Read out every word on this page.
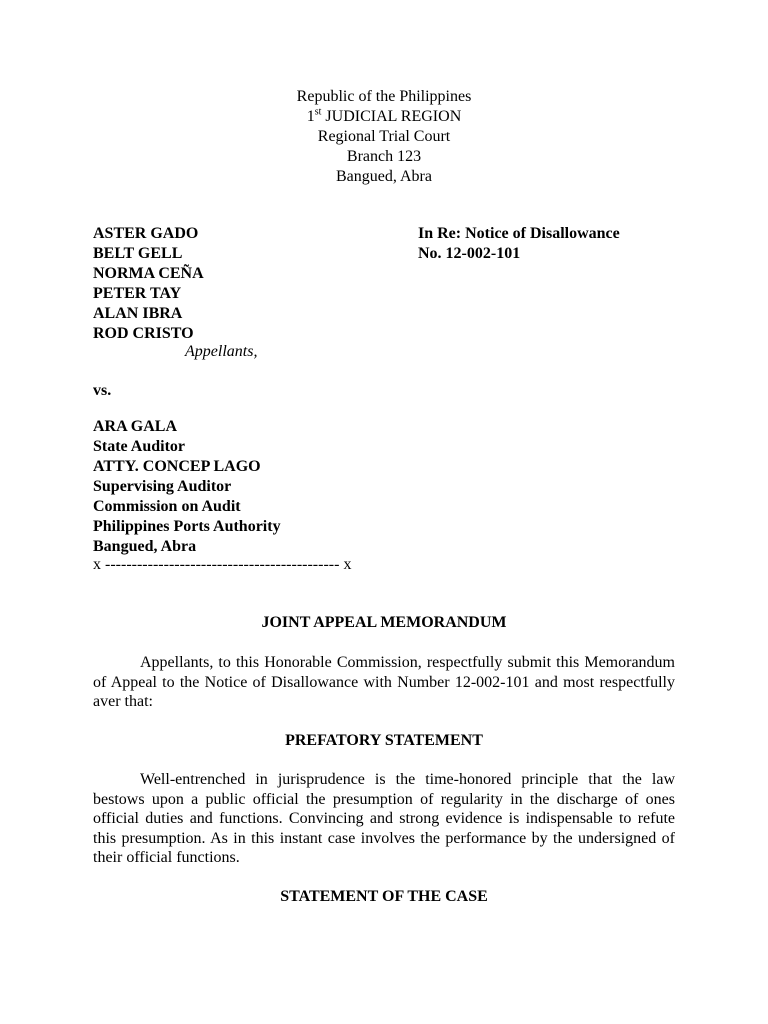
Republic of the Philippines
1st JUDICIAL REGION
Regional Trial Court
Branch 123
Bangued, Abra
ASTER GADO
BELT GELL
NORMA CEÑA
PETER TAY
ALAN IBRA
ROD CRISTO
Appellants,
In Re: Notice of Disallowance
No. 12-002-101
vs.
ARA GALA
State Auditor
ATTY. CONCEP LAGO
Supervising Auditor
Commission on Audit
Philippines Ports Authority
Bangued, Abra
x -------------------------------------------- x
JOINT APPEAL MEMORANDUM
Appellants, to this Honorable Commission, respectfully submit this Memorandum of Appeal to the Notice of Disallowance with Number 12-002-101 and most respectfully aver that:
PREFATORY STATEMENT
Well-entrenched in jurisprudence is the time-honored principle that the law bestows upon a public official the presumption of regularity in the discharge of ones official duties and functions. Convincing and strong evidence is indispensable to refute this presumption. As in this instant case involves the performance by the undersigned of their official functions.
STATEMENT OF THE CASE
